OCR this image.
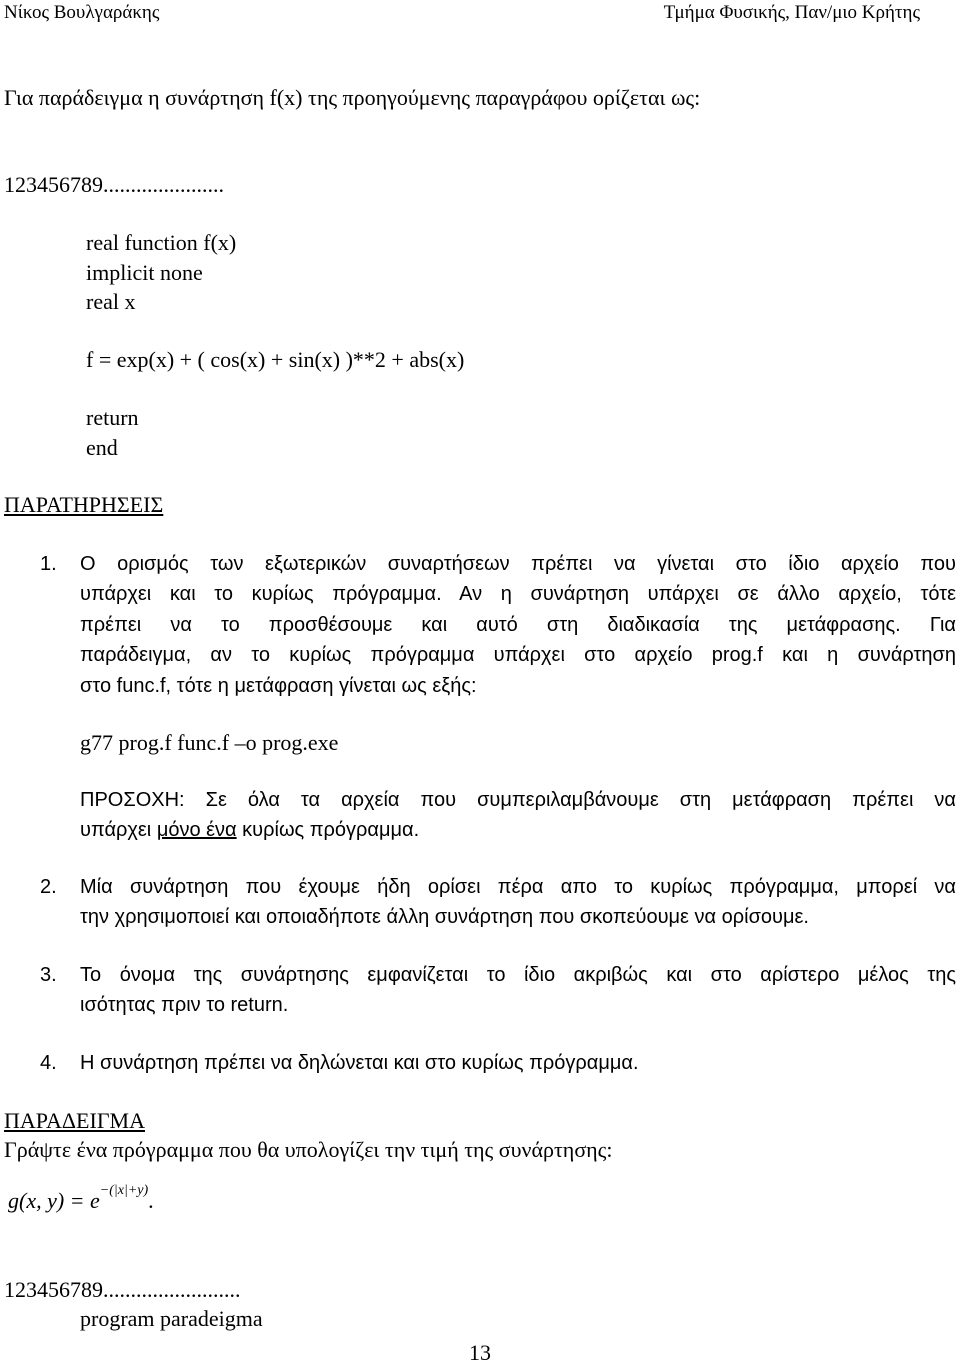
Νίκος Βουλγαράκης	Τμήμα Φυσικής, Παν/μιο Κρήτης
Για παράδειγμα η συνάρτηση f(x) της προηγούμενης παραγράφου ορίζεται ως:
123456789......................
real function f(x)
implicit none
real x
f = exp(x) + ( cos(x) + sin(x) )**2 + abs(x)
return
end
ΠΑΡΑΤΗΡΗΣΕΙΣ
1. Ο ορισμός των εξωτερικών συναρτήσεων πρέπει να γίνεται στο ίδιο αρχείο που
υπάρχει και το κυρίως πρόγραμμα. Αν η συνάρτηση υπάρχει σε άλλο αρχείο, τότε
πρέπει να το προσθέσουμε και αυτό στη διαδικασία της μετάφρασης. Για
παράδειγμα, αν το κυρίως πρόγραμμα υπάρχει στο αρχείο prog.f και η συνάρτηση
στο func.f, τότε η μετάφραση γίνεται ως εξής:
g77 prog.f func.f –o prog.exe
ΠΡΟΣΟΧΗ: Σε όλα τα αρχεία που συμπεριλαμβάνουμε στη μετάφραση πρέπει να
υπάρχει μόνο ένα κυρίως πρόγραμμα.
2. Μία συνάρτηση που έχουμε ήδη ορίσει πέρα απο το κυρίως πρόγραμμα, μπορεί να
την χρησιμοποιεί και οποιαδήποτε άλλη συνάρτηση που σκοπεύουμε να ορίσουμε.
3. Το όνομα της συνάρτησης εμφανίζεται το ίδιο ακριβώς και στο αρίστερο μέλος της
ισότητας πριν το return.
4. Η συνάρτηση πρέπει να δηλώνεται και στο κυρίως πρόγραμμα.
ΠΑΡΑΔΕΙΓΜΑ
Γράψτε ένα πρόγραμμα που θα υπολογίζει την τιμή της συνάρτησης:
g(x, $y) = e^{-(|x|+y)}$.
123456789.........................
program paradeigma
13
